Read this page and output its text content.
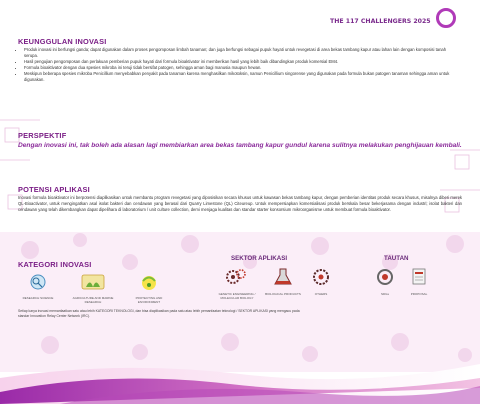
THE 117 CHALLENGERS 2025
KEUNGGULAN INOVASI
• Produk inovasi ini berfungsi ganda; dapat digunakan dalam proses pengomposan limbah tanaman; dan juga berfungsi sebagai pupuk hayati untuk revegetasi di area bekas tambang kapur atau lahan lain dengan komposisi tanah serupa.
• Hasil pengujian pengomposan dan perlakuan pemberian pupuk hayati dari formula bioaktivator ini memberikan hasil yang lebih baik dibandingkan produk komersial EM4.
• Formula bioaktivator dengan dua spesies mikroba ini teruji tidak bersifat patogen, sehingga aman bagi manusia maupun hewan.
• Meskipun beberapa spesies mikroba Penicillium menyebabkan penyakit pada tanaman karena menghasilkan mikotoksin, namun Penicillium singorense yang digunakan pada formula bukan patogen tanaman sehingga aman untuk digunakan.
PERSPEKTIF
Dengan inovasi ini, tak boleh ada alasan lagi membiarkan area bekas tambang kapur gundul karena sulitnya melakukan penghijauan kembali.
POTENSI APLIKASI
Inovasi formula bioaktivator ini berpotensi diaplikasikan untuk membantu program revegetasi yang diposisikan secara khusus untuk kawasan bekas tambang kapur, dengan pemberian identitas produk secara khusus, misalnya diberi merek QL-Bioactivator, untuk mengingatkan asal isolat bakteri dan cendawan yang berasal dari Quarry Limestone (QL) Citeureup. Untuk mempersiapkan komersialisasi produk berskala besar bekerjasama dengan industri; isolat bakteri dan cendawan yang telah dikembangkan dapat dipelihara di laboratorium / unit culture collection, demi menjaga kualitas dan standar starter konsorsium mikroorganisme untuk membuat formula bioaktivator.
KATEGORI INOVASI
RESEARCH SCIENCE	AGRICULTURE AND MARINE RESEARCH
PROTECTING AND ENVIRONMENT
SEKTOR APLIKASI
GENETIC ENGINEERING / MOLECULAR BIOLOGY
BIOLOGICAL PRODUCTS	OTHERS
TAUTAN
SDGs	PROPOSAL
Setiap karya inovasi memanfaatkan satu atau lebih KATEGORI TEKNOLOGI, dan bisa diaplikasikan pada satu atau lebih pemanfaatan teknologi / SEKTOR APLIKASI yang mengacu pada standar Innovation Relay Center Network (IRC).
